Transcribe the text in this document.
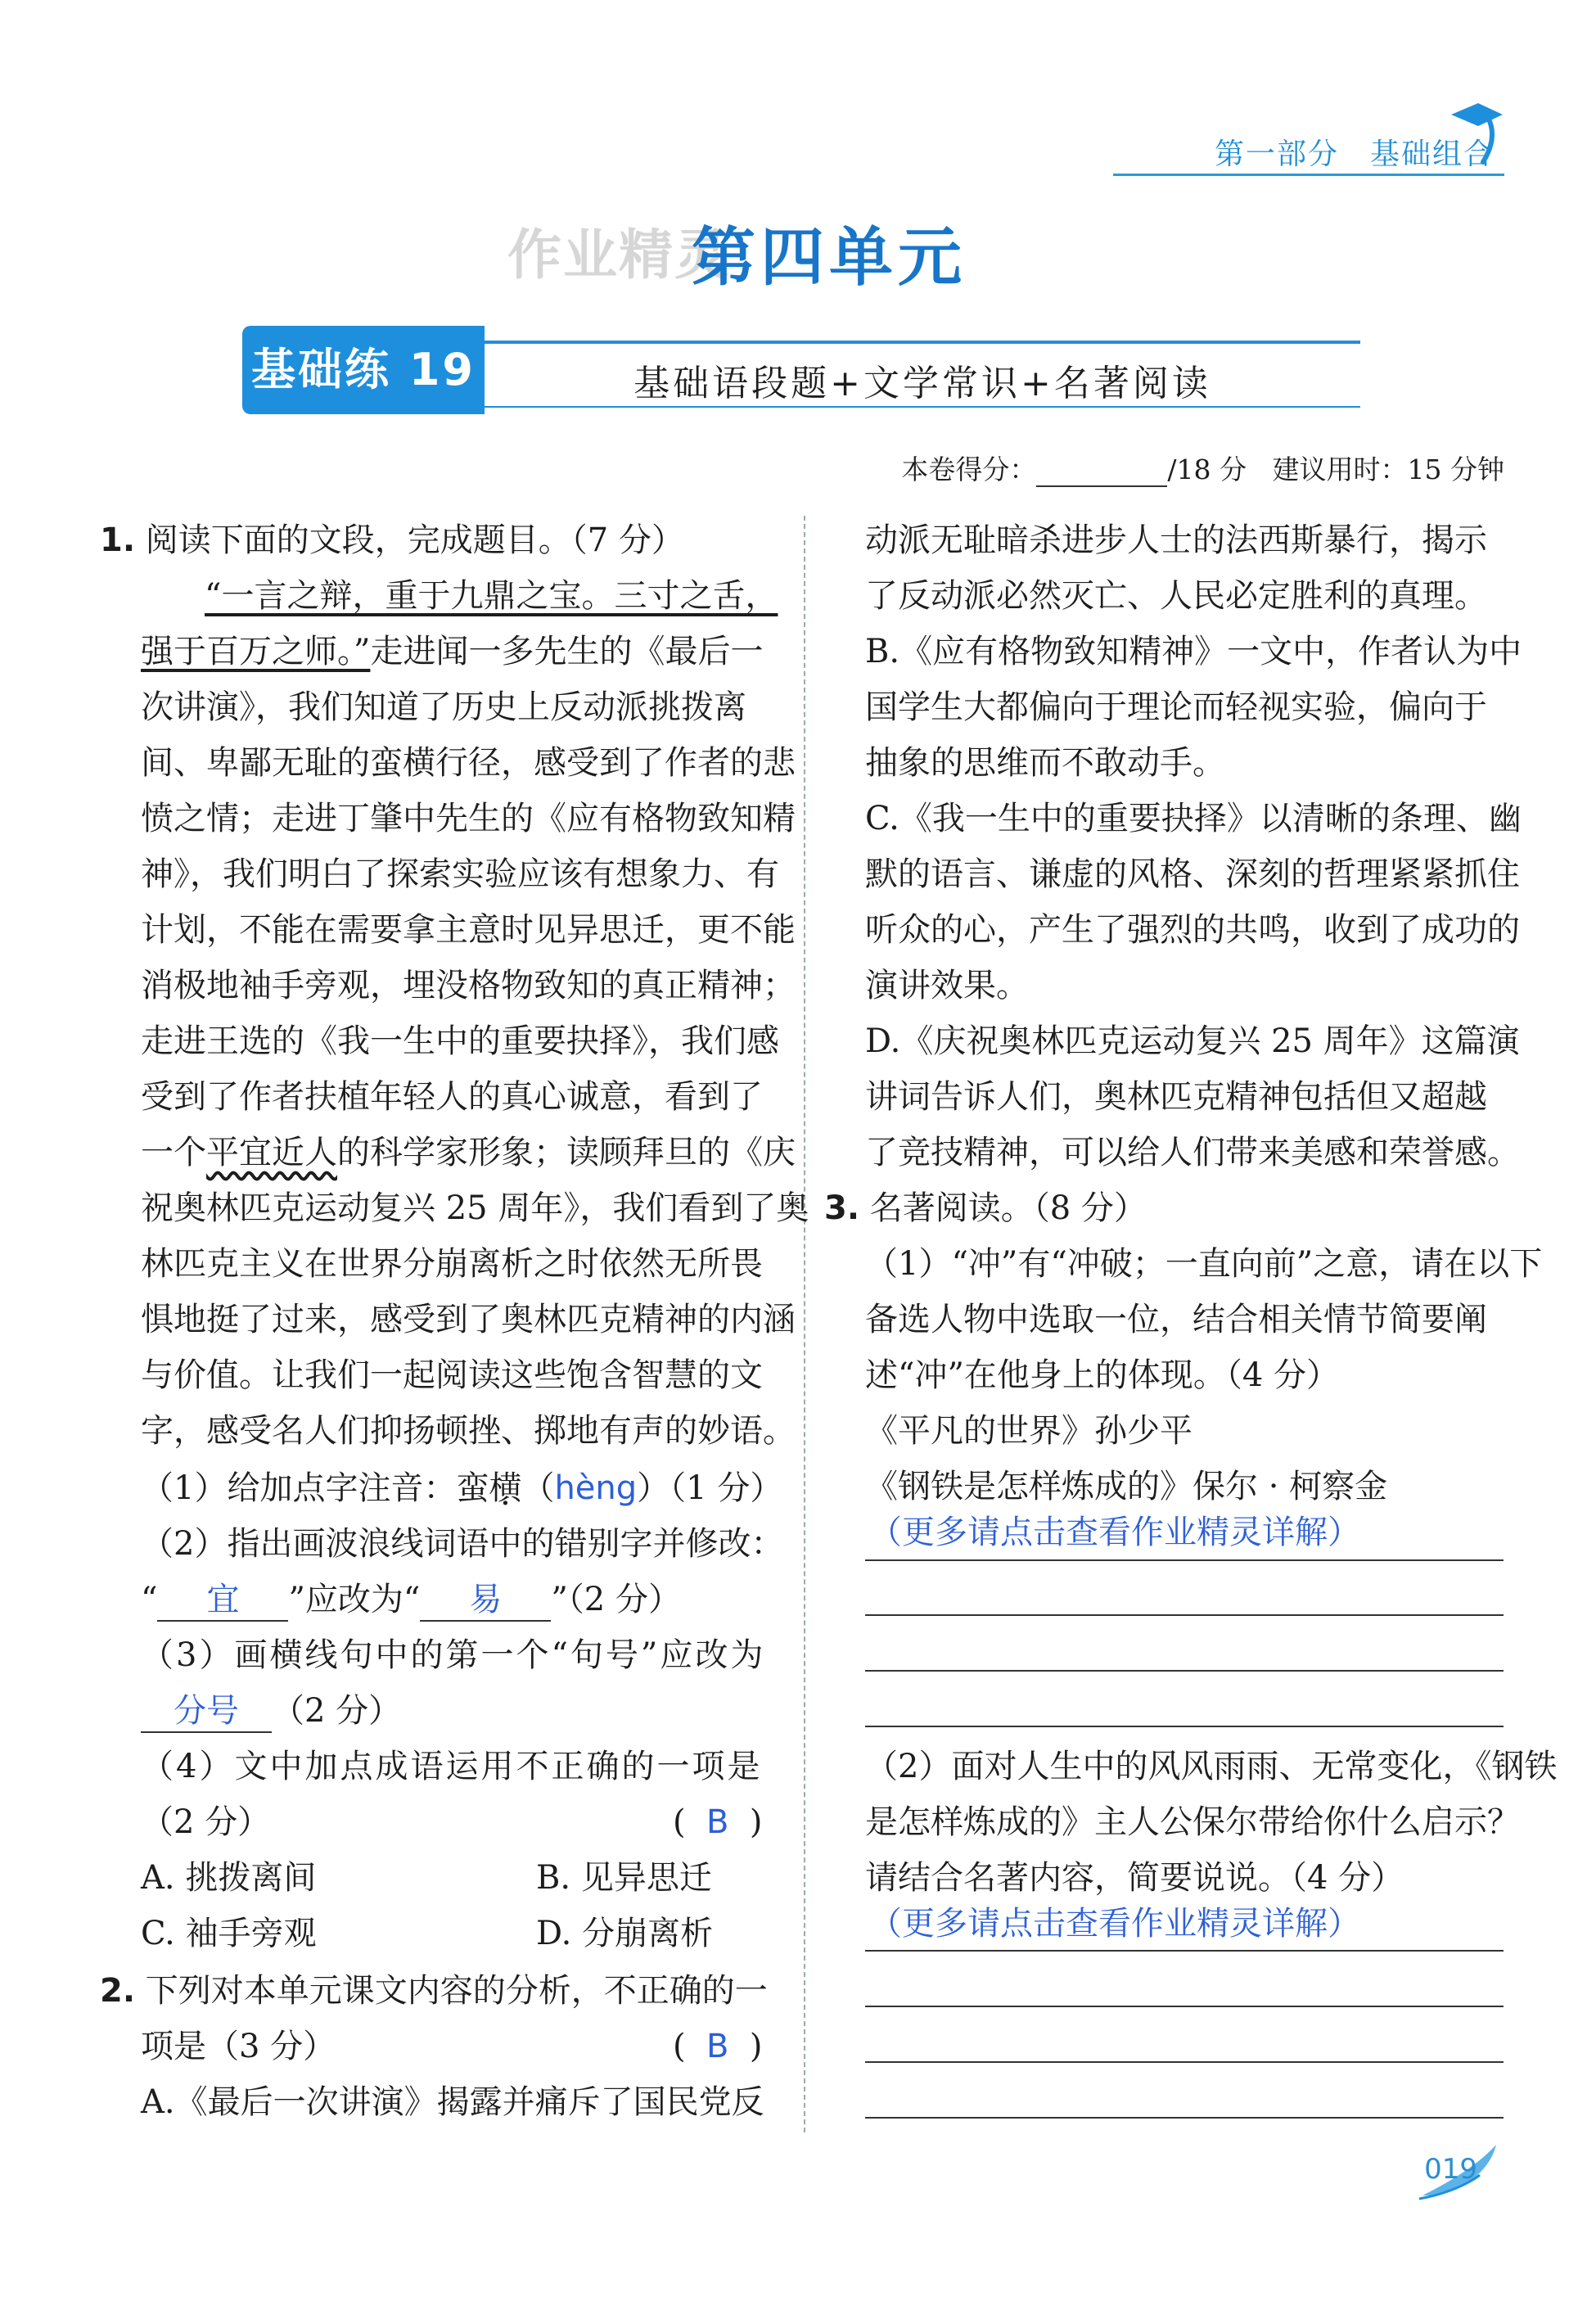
第一部分　基础组合
作业精灵
第四单元
基础练 19	基础语段题+文学常识+名著阅读
本卷得分：	/18 分 建议用时：15 分钟
1. 阅读下面的文段，完成题目。（7 分）
“一言之辩，重于九鼎之宝。三寸之舌，
强于百万之师。”走进闻一多先生的《最后一
次讲演》，我们知道了历史上反动派挑拨离
间、卑鄙无耻的蛮横行径，感受到了作者的悲
愤之情；走进丁肇中先生的《应有格物致知精
神》，我们明白了探索实验应该有想象力、有
计划，不能在需要拿主意时见异思迁，更不能
消极地袖手旁观，埋没格物致知的真正精神；
走进王选的《我一生中的重要抉择》，我们感
受到了作者扶植年轻人的真心诚意，看到了
一个平宜近人的科学家形象；读顾拜旦的《庆
祝奥林匹克运动复兴 25 周年》，我们看到了奥
林匹克主义在世界分崩离析之时依然无所畏
惧地挺了过来，感受到了奥林匹克精神的内涵
与价值。让我们一起阅读这些饱含智慧的文
字，感受名人们抑扬顿挫、掷地有声的妙语。
（1）给加点字注音：蛮横（hèng）（1 分）
（2）指出画波浪线词语中的错别字并修改：
“ 宜 ”应改为“ 易 ”（2 分）
（3）画横线句中的第一个“句号”应改为
分号 （2 分）
（4）文中加点成语运用不正确的一项是
（2 分）	(  B  )
A. 挑拨离间	B. 见异思迁
C. 袖手旁观	D. 分崩离析
2. 下列对本单元课文内容的分析，不正确的一
项是（3 分）	(  B  )
A.《最后一次讲演》揭露并痛斥了国民党反
动派无耻暗杀进步人士的法西斯暴行，揭示
了反动派必然灭亡、人民必定胜利的真理。
B.《应有格物致知精神》一文中，作者认为中
国学生大都偏向于理论而轻视实验，偏向于
抽象的思维而不敢动手。
C.《我一生中的重要抉择》以清晰的条理、幽
默的语言、谦虚的风格、深刻的哲理紧紧抓住
听众的心，产生了强烈的共鸣，收到了成功的
演讲效果。
D.《庆祝奥林匹克运动复兴 25 周年》这篇演
讲词告诉人们，奥林匹克精神包括但又超越
了竞技精神，可以给人们带来美感和荣誉感。
3. 名著阅读。（8 分）
（1）“冲”有“冲破；一直向前”之意，请在以下
备选人物中选取一位，结合相关情节简要阐
述“冲”在他身上的体现。（4 分）
《平凡的世界》孙少平
《钢铁是怎样炼成的》保尔 · 柯察金
（更多请点击查看作业精灵详解）
（2）面对人生中的风风雨雨、无常变化，《钢铁
是怎样炼成的》主人公保尔带给你什么启示？
请结合名著内容，简要说说。（4 分）
（更多请点击查看作业精灵详解）
019
